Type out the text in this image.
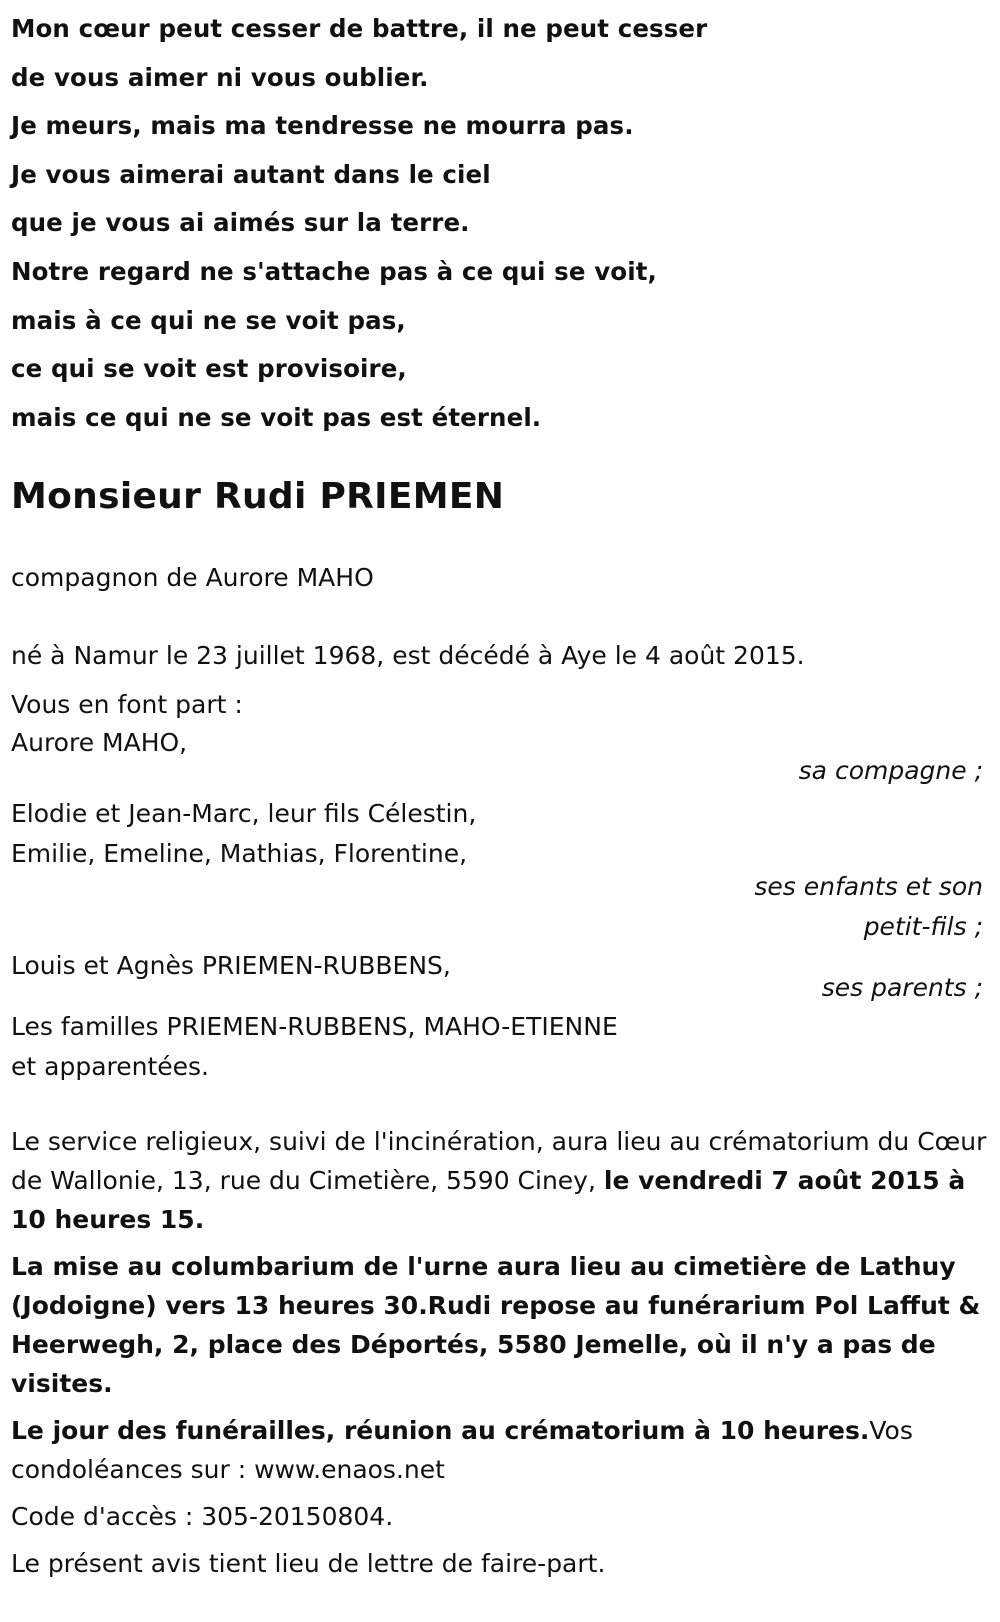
Mon cœur peut cesser de battre, il ne peut cesser
de vous aimer ni vous oublier.
Je meurs, mais ma tendresse ne mourra pas.
Je vous aimerai autant dans le ciel
que je vous ai aimés sur la terre.
Notre regard ne s'attache pas à ce qui se voit,
mais à ce qui ne se voit pas,
ce qui se voit est provisoire,
mais ce qui ne se voit pas est éternel.
Monsieur Rudi PRIEMEN
compagnon de Aurore MAHO
né à Namur le 23 juillet 1968, est décédé à Aye le 4 août 2015.
Vous en font part :
Aurore MAHO,
sa compagne ;
Elodie et Jean-Marc, leur fils Célestin,
Emilie, Emeline, Mathias, Florentine,
ses enfants et son
petit-fils ;
Louis et Agnès PRIEMEN-RUBBENS,
ses parents ;
Les familles PRIEMEN-RUBBENS, MAHO-ETIENNE
et apparentées.
Le service religieux, suivi de l'incinération, aura lieu au crématorium du Cœur de Wallonie, 13, rue du Cimetière, 5590 Ciney, le vendredi 7 août 2015 à 10 heures 15.
La mise au columbarium de l'urne aura lieu au cimetière de Lathuy (Jodoigne) vers 13 heures 30.Rudi repose au funérarium Pol Laffut & Heerwegh, 2, place des Déportés, 5580 Jemelle, où il n'y a pas de visites.
Le jour des funérailles, réunion au crématorium à 10 heures.Vos condoléances sur : www.enaos.net
Code d'accès : 305-20150804.
Le présent avis tient lieu de lettre de faire-part.
